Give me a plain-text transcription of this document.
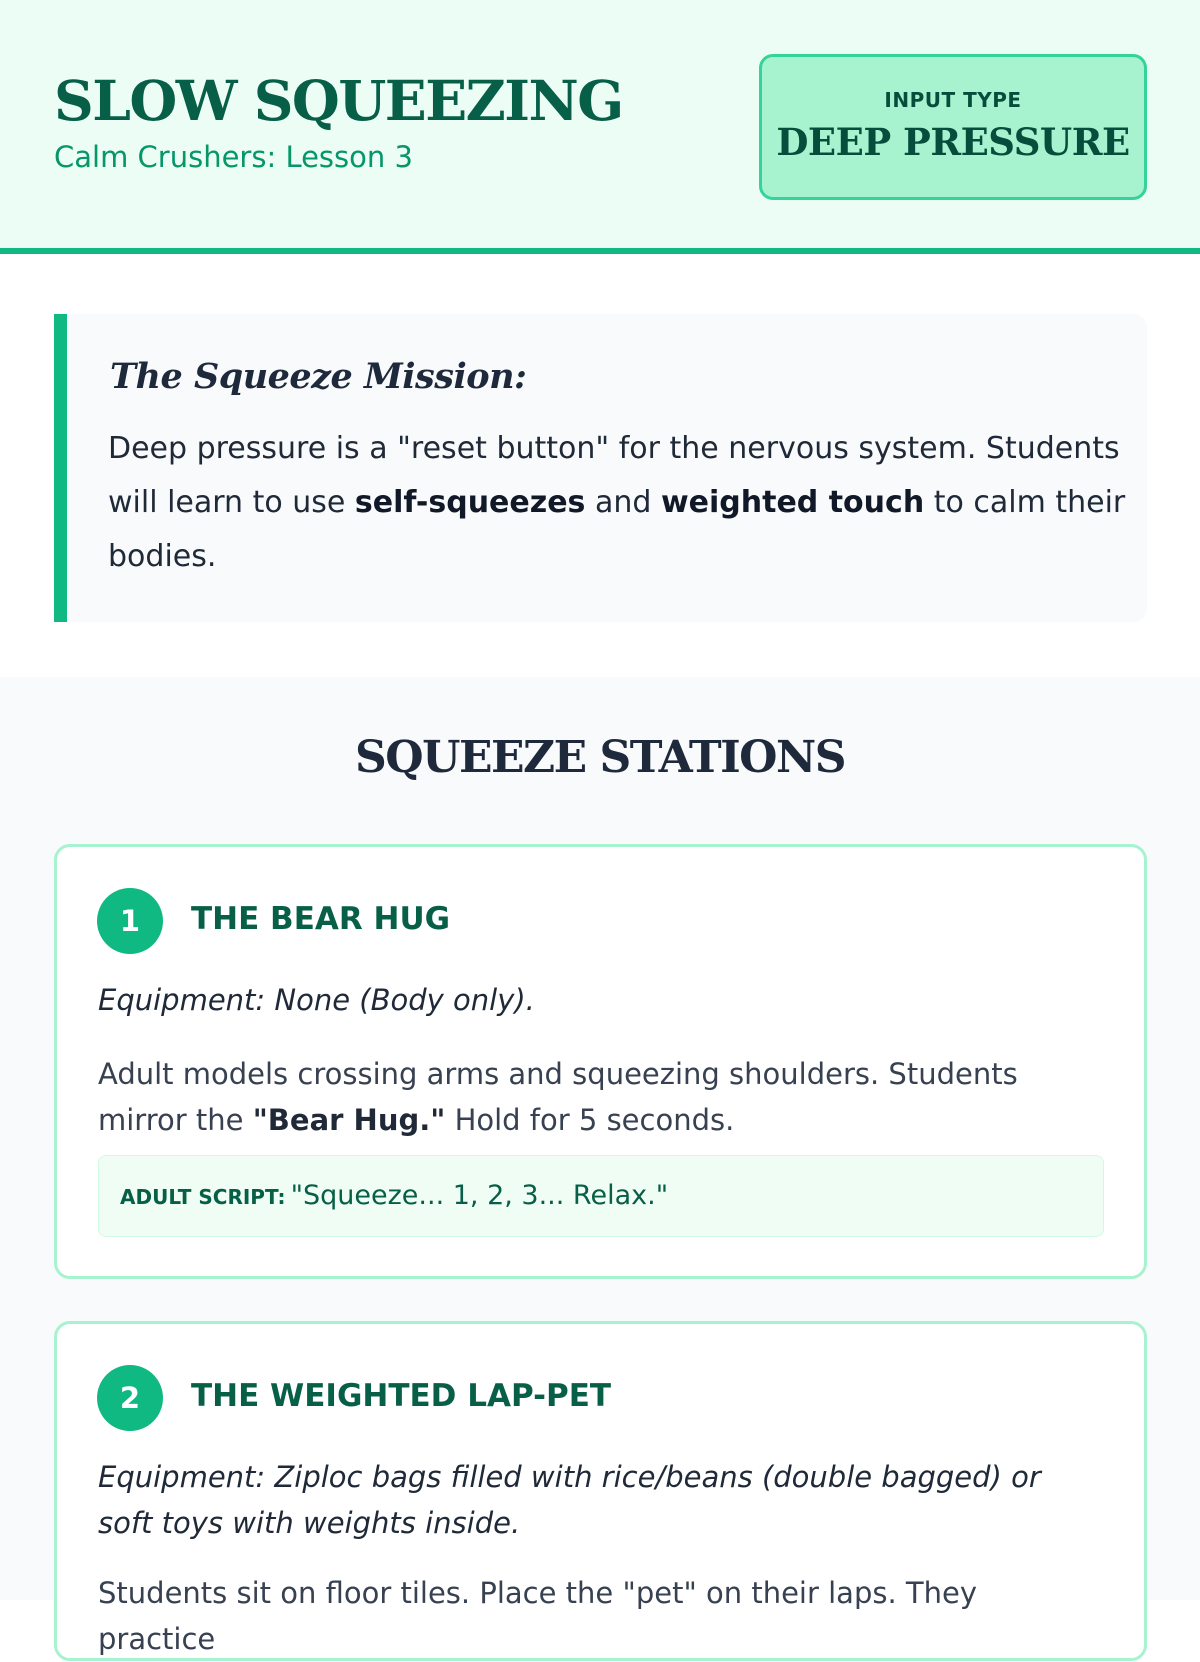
SLOW SQUEEZING
Calm Crushers: Lesson 3
INPUT TYPE
DEEP PRESSURE
The Squeeze Mission:

Deep pressure is a "reset button" for the nervous system. Students will learn to use self-squeezes and weighted touch to calm their bodies.

SQUEEZE STATIONS
1	THE BEAR HUG

Equipment: None (Body only).

Adult models crossing arms and squeezing shoulders. Students mirror the "Bear Hug." Hold for 5 seconds.

ADULT SCRIPT: "Squeeze... 1, 2, 3... Relax."
2	THE WEIGHTED LAP-PET

Equipment: Ziploc bags filled with rice/beans (double bagged) or soft toys with weights inside.

Students sit on floor tiles. Place the "pet" on their laps. They practice
